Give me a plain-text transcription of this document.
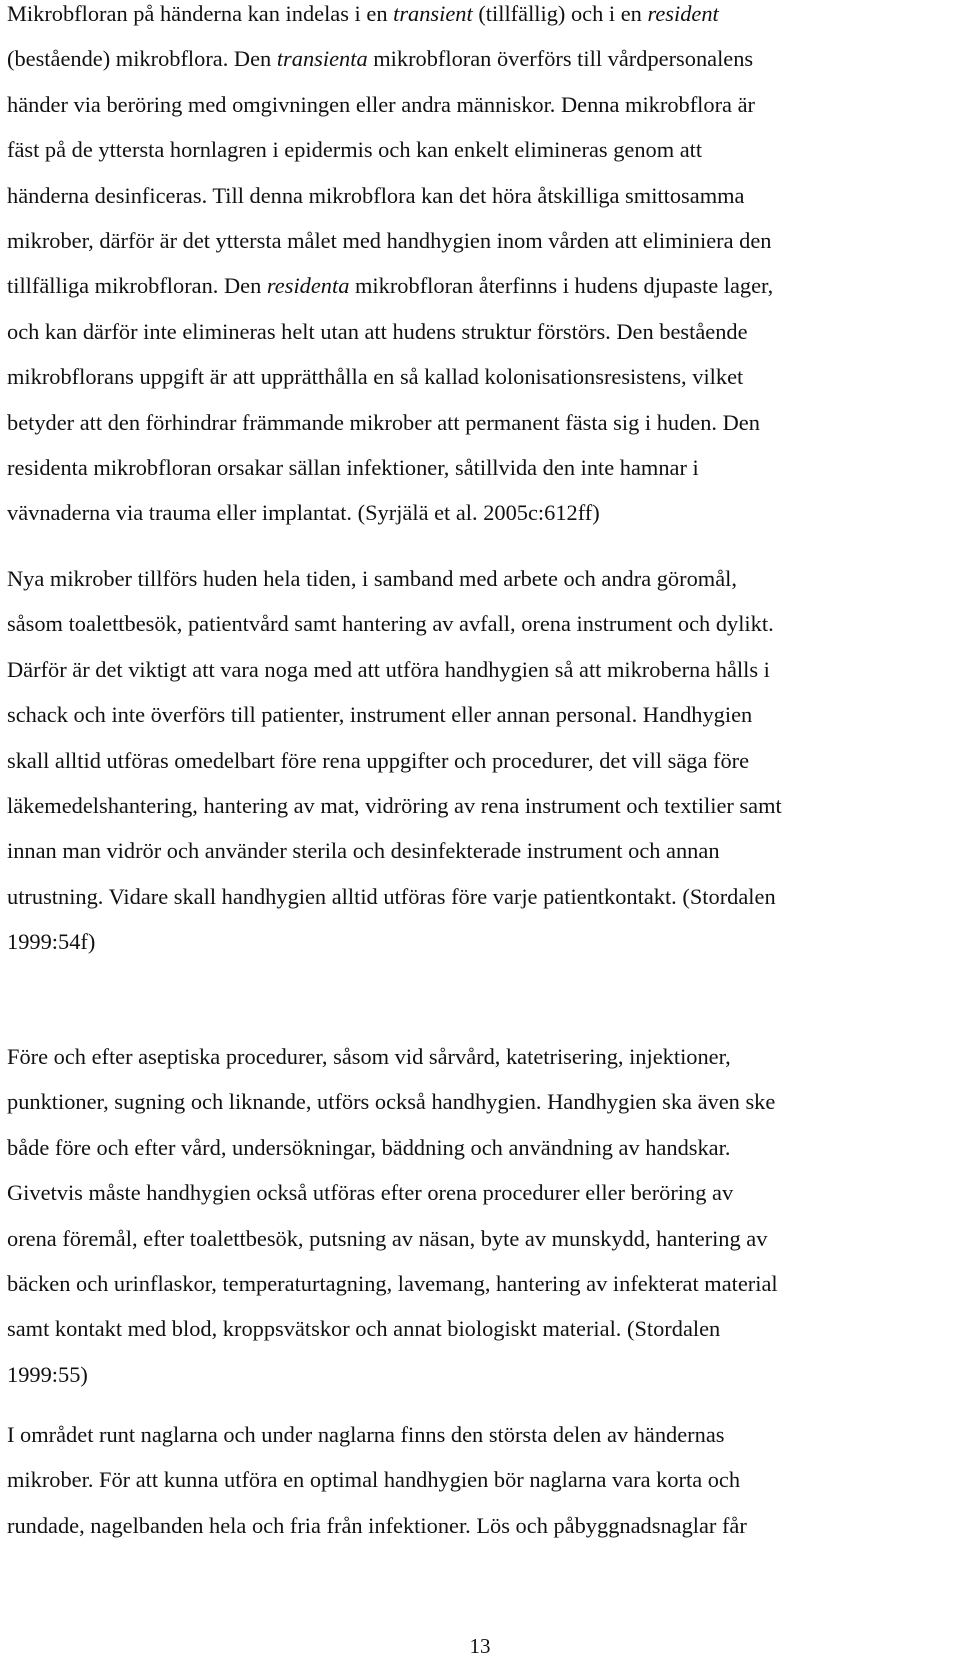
Mikrobfloran på händerna kan indelas i en transient (tillfällig) och i en resident
(bestående) mikrobflora. Den transienta mikrobfloran överförs till vårdpersonalens
händer via beröring med omgivningen eller andra människor. Denna mikrobflora är
fäst på de yttersta hornlagren i epidermis och kan enkelt elimineras genom att
händerna desinficeras. Till denna mikrobflora kan det höra åtskilliga smittosamma
mikrober, därför är det yttersta målet med handhygien inom vården att eliminiera den
tillfälliga mikrobfloran. Den residenta mikrobfloran återfinns i hudens djupaste lager,
och kan därför inte elimineras helt utan att hudens struktur förstörs. Den bestående
mikrobflorans uppgift är att upprätthålla en så kallad kolonisationsresistens, vilket
betyder att den förhindrar främmande mikrober att permanent fästa sig i huden. Den
residenta mikrobfloran orsakar sällan infektioner, såtillvida den inte hamnar i
vävnaderna via trauma eller implantat. (Syrjälä et al. 2005c:612ff)
Nya mikrober tillförs huden hela tiden, i samband med arbete och andra göromål,
såsom toalettbesök, patientvård samt hantering av avfall, orena instrument och dylikt.
Därför är det viktigt att vara noga med att utföra handhygien så att mikroberna hålls i
schack och inte överförs till patienter, instrument eller annan personal. Handhygien
skall alltid utföras omedelbart före rena uppgifter och procedurer, det vill säga före
läkemedelshantering, hantering av mat, vidröring av rena instrument och textilier samt
innan man vidrör och använder sterila och desinfekterade instrument och annan
utrustning. Vidare skall handhygien alltid utföras före varje patientkontakt. (Stordalen
1999:54f)
Före och efter aseptiska procedurer, såsom vid sårvård, katetrisering, injektioner,
punktioner, sugning och liknande, utförs också handhygien. Handhygien ska även ske
både före och efter vård, undersökningar, bäddning och användning av handskar.
Givetvis måste handhygien också utföras efter orena procedurer eller beröring av
orena föremål, efter toalettbesök, putsning av näsan, byte av munskydd, hantering av
bäcken och urinflaskor, temperaturtagning, lavemang, hantering av infekterat material
samt kontakt med blod, kroppsvätskor och annat biologiskt material. (Stordalen
1999:55)
I området runt naglarna och under naglarna finns den största delen av händernas
mikrober. För att kunna utföra en optimal handhygien bör naglarna vara korta och
rundade, nagelbanden hela och fria från infektioner. Lös och påbyggnadsnaglar får
13
